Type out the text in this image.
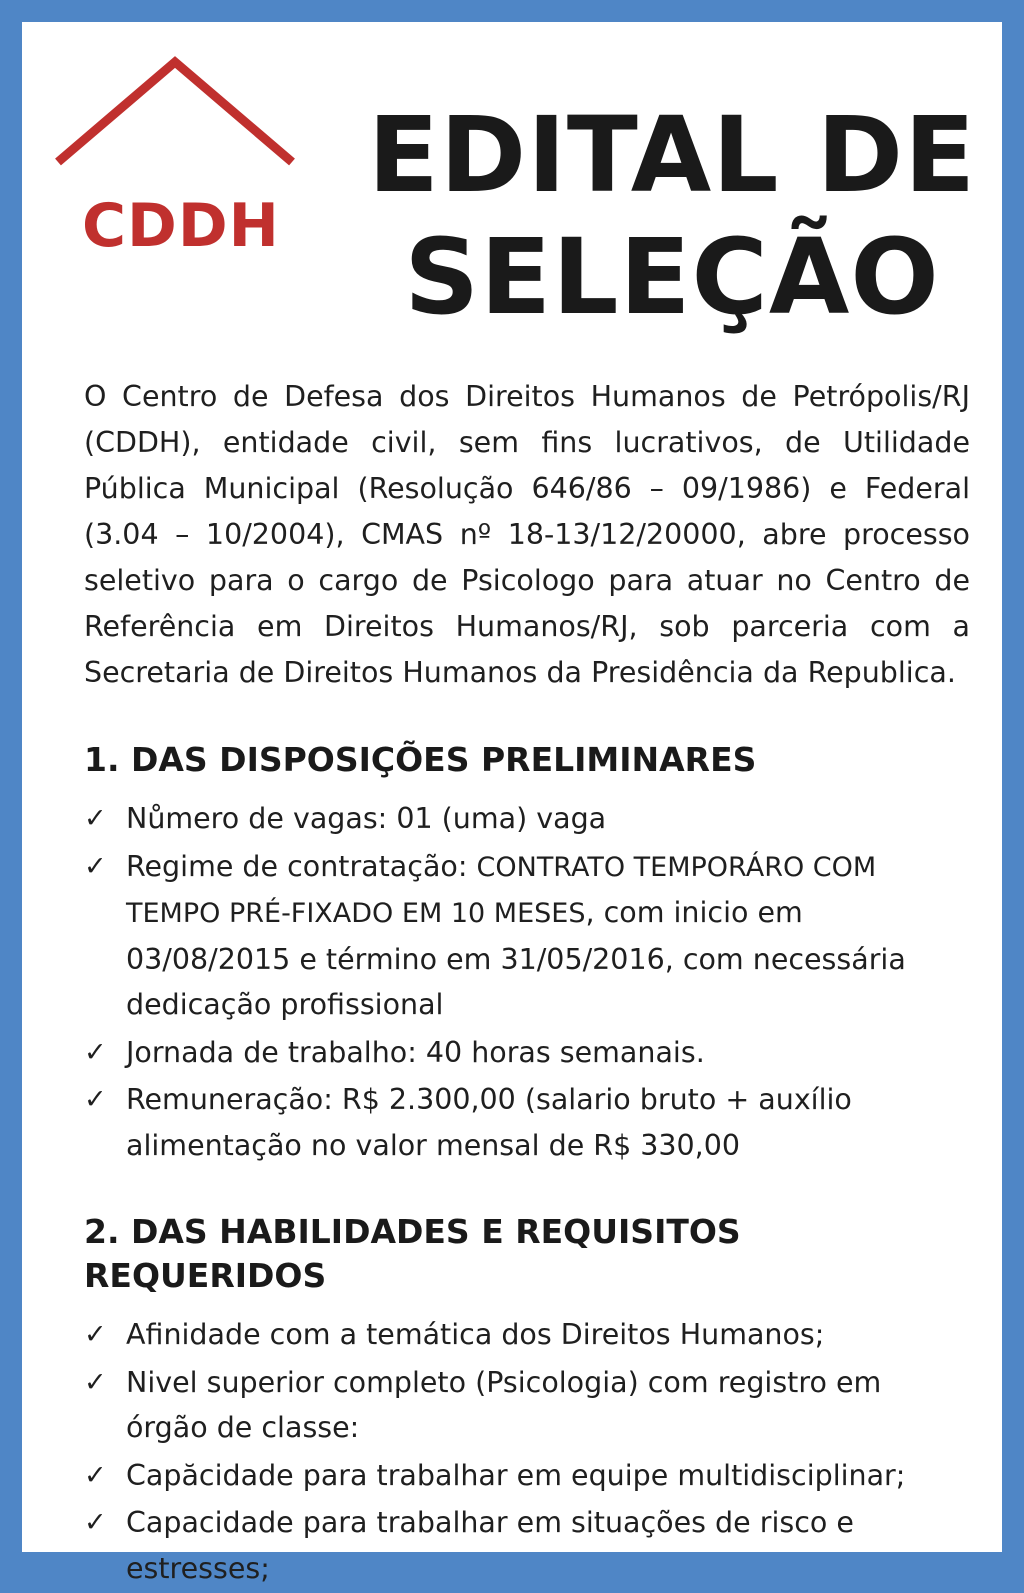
CDDH
EDITAL DE
SELEÇÃO

O Centro de Defesa dos Direitos Humanos de Petrópolis/RJ (CDDH), entidade civil, sem fins lucrativos, de Utilidade Pública Municipal (Resolução 646/86 – 09/1986) e Federal (3.04 – 10/2004), CMAS nº 18-13/12/20000, abre processo seletivo para o cargo de Psicologo para atuar no Centro de Referência em Direitos Humanos/RJ, sob parceria com a Secretaria de Direitos Humanos da Presidência da Republica.

1. DAS DISPOSIÇÕES PRELIMINARES
✓ Nůmero de vagas: 01 (uma) vaga
✓ Regime de contratação: CONTRATO TEMPORÁRO COM TEMPO PRÉ-FIXADO EM 10 MESES, com inicio em 03/08/2015 e término em 31/05/2016, com necessária dedicação profissional
✓ Jornada de trabalho: 40 horas semanais.
✓ Remuneração: R$ 2.300,00 (salario bruto + auxílio alimentação no valor mensal de R$ 330,00
2. DAS HABILIDADES E REQUISITOS REQUERIDOS
✓ Afinidade com a temática dos Direitos Humanos;
✓ Nivel superior completo (Psicologia) com registro em órgão de classe:
✓ Capăcidade para trabalhar em equipe multidisciplinar;
✓ Capacidade para trabalhar em situações de risco e estresses;
